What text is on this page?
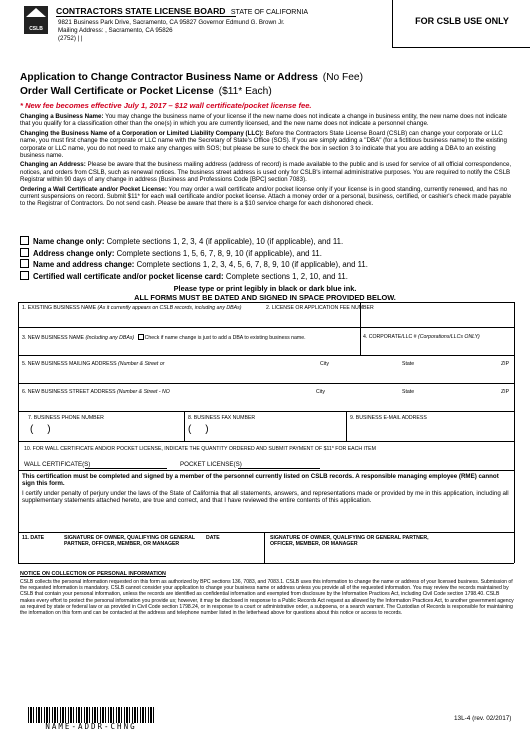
FOR CSLB USE ONLY
CSLB
CONTRACTORS STATE LICENSE BOARD STATE OF CALIFORNIA
9821 Business Park Drive, Sacramento, CA 95827 Governor Edmund G. Brown Jr.
Mailing Address: , Sacramento, CA 95826
(2752) | |
Application to Change Contractor Business Name or Address (No Fee)
Order Wall Certificate or Pocket License ($11* Each)
* New fee becomes effective July 1, 2017 – $12 wall certificate/pocket license fee.

Changing a Business Name: You may change the business name of your license if the new name does not indicate a change in business entity, the new name does not indicate that you qualify for a classification other than the one(s) in which you are currently licensed, and the new name does not indicate a personnel change.

Changing the Business Name of a Corporation or Limited Liability Company (LLC): Before the Contractors State License Board (CSLB) can change your corporate or LLC name, you must first change the corporate or LLC name with the Secretary of State's Office (SOS). If you are simply adding a "DBA" (for a fictitious business name) to the existing corporate or LLC name, you do not need to make any changes with SOS; but please be sure to check the box in section 3 to indicate that you are adding a DBA to an existing business name.

Changing an Address: Please be aware that the business mailing address (address of record) is made available to the public and is used for service of all official correspondence, notices, and orders from CSLB, such as renewal notices. The business street address is used only for CSLB's internal administrative purposes. You are required to notify the CSLB Registrar within 90 days of any change in address (Business and Professions Code [BPC] section 7083).

Ordering a Wall Certificate and/or Pocket License: You may order a wall certificate and/or pocket license only if your license is in good standing, currently renewed, and has no current suspensions on record. Submit $11* for each wall certificate and/or pocket license. Attach a money order or a personal, business, certified, or cashier's check made payable to the Registrar of Contractors. Do not send cash. Please be aware that there is a $10 service charge for each dishonored check.

Name change only: Complete sections 1, 2, 3, 4 (if applicable), 10 (if applicable), and 11.
Address change only: Complete sections 1, 5, 6, 7, 8, 9, 10 (if applicable), and 11.
Name and address change: Complete sections 1, 2, 3, 4, 5, 6, 7, 8, 9, 10 (if applicable), and 11.
Certified wall certificate and/or pocket license card: Complete sections 1, 2, 10, and 11.
Please type or print legibly in black or dark blue ink.
ALL FORMS MUST BE DATED AND SIGNED IN SPACE PROVIDED BELOW.
1. EXISTING BUSINESS NAME (As it currently appears on CSLB records, including any DBAs)	2. LICENSE OR APPLICATION FEE NUMBER
3. NEW BUSINESS NAME (Including any DBAs) Check if name change is just to add a DBA to existing business name.	4. CORPORATE/LLC # (Corporations/LLCs ONLY)
5. NEW BUSINESS MAILING ADDRESS (Number & Street or	City	State	ZIP
6. NEW BUSINESS STREET ADDRESS (Number & Street - NO	City	State	ZIP
7. BUSINESS PHONE NUMBER
(     )
8. BUSINESS FAX NUMBER
(     )
9. BUSINESS E-MAIL ADDRESS
10. FOR WALL CERTIFICATE AND/OR POCKET LICENSE, INDICATE THE QUANTITY ORDERED AND SUBMIT PAYMENT OF $11* FOR EACH ITEM
WALL CERTIFICATE(S)	POCKET LICENSE(S)
This certification must be completed and signed by a member of the personnel currently listed on CSLB records. A responsible managing employee (RME) cannot sign this form.
I certify under penalty of perjury under the laws of the State of California that all statements, answers, and representations made or provided by me in this application, including all supplementary statements attached hereto, are true and correct, and that I have reviewed the entire contents of this application.
11. DATE	SIGNATURE OF OWNER, QUALIFYING OR GENERAL PARTNER, OFFICER, MEMBER, OR MANAGER
DATE	SIGNATURE OF OWNER, QUALIFYING OR GENERAL PARTNER, OFFICER, MEMBER, OR MANAGER
NOTICE ON COLLECTION OF PERSONAL INFORMATION
CSLB collects the personal information requested on this form as authorized by BPC sections 136, 7083, and 7083.1. CSLB uses this information to change the name or address of your licensed business. Submission of the requested information is mandatory. CSLB cannot consider your application to change your business name or address unless you provide all of the requested information. You may review the records maintained by CSLB that contain your personal information, unless the records are identified as confidential information and exempted from disclosure by the Information Practices Act, including Civil Code section 1798.40. CSLB makes every effort to protect the personal information you provide us; however, it may be disclosed in response to a Public Records Act request as allowed by the Information Practices Act, to another government agency as required by state or federal law or as provided in Civil Code section 1798.24, or in response to a court or administrative order, a subpoena, or a search warrant. The Custodian of Records is responsible for maintaining the information on this form and can be contacted at the address and telephone number listed in the letterhead above for questions about this notice or access to records.
NAME-ADDR-CHNG
13L-4 (rev. 02/2017)
